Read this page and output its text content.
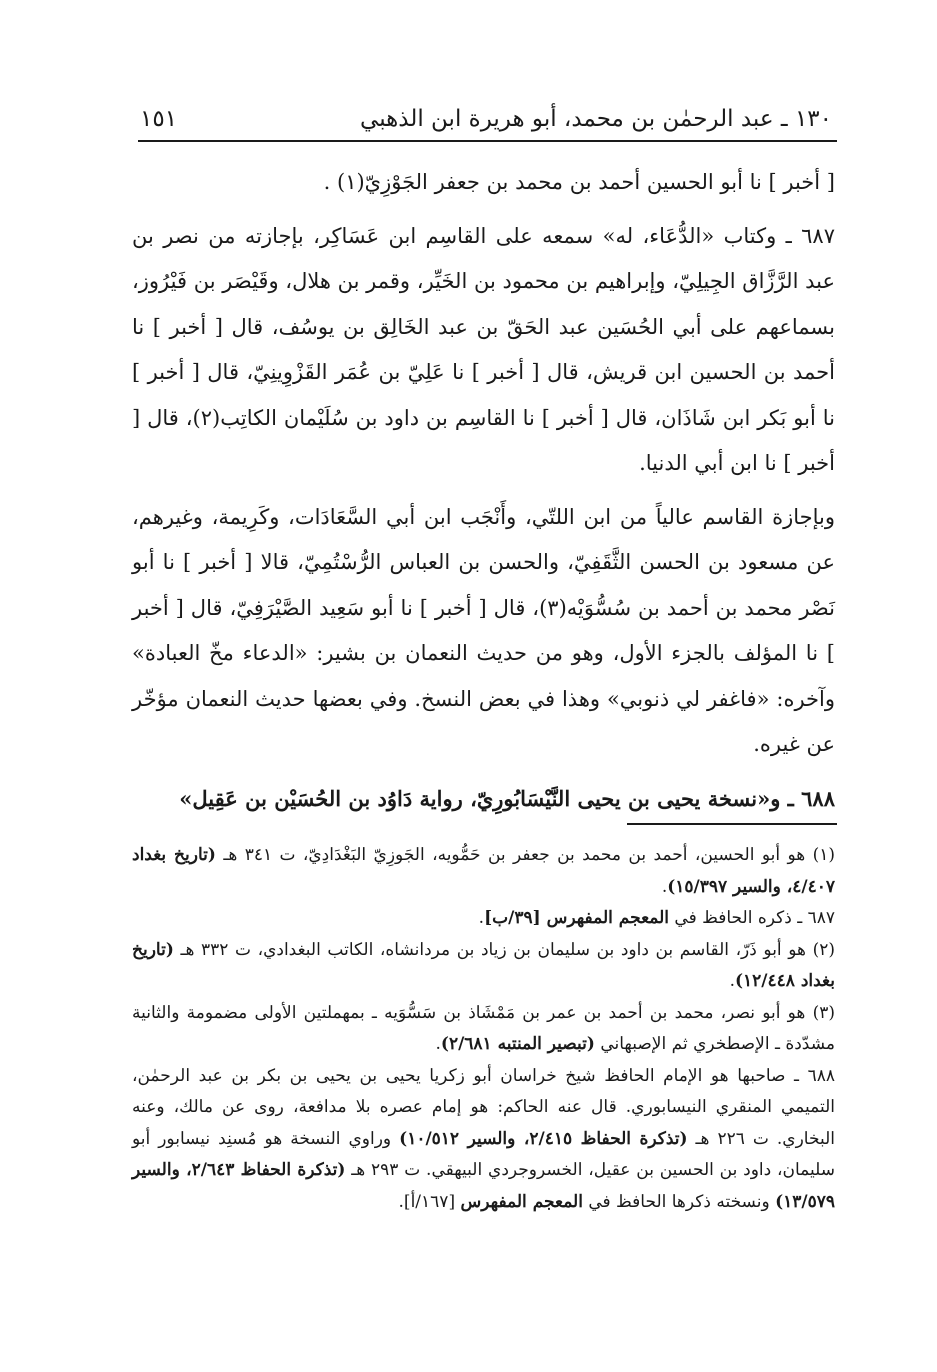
١٣٠ ـ عبد الرحمٰن بن محمد، أبو هريرة ابن الذهبي
١٥١

[ أخبر ] نا أبو الحسين أحمد بن محمد بن جعفر الجَوْزِيّ(١) .

٦٨٧ ـ وكتاب «الدُّعَاء، له» سمعه على القاسِم ابن عَسَاكِر، بإجازته من نصر بن عبد الرَّزَّاق الجِيلِيّ، وإبراهيم بن محمود بن الخَيِّر، وقمر بن هلال، وقَيْصَر بن فَيْرُوز، بسماعهم على أبي الحُسَين عبد الحَقّ بن عبد الخَالِق بن يوسُف، قال [ أخبر ] نا أحمد بن الحسين ابن قريش، قال [ أخبر ] نا عَلِيّ بن عُمَر القَزْوِينِيّ، قال [ أخبر ] نا أبو بَكر ابن شَاذَان، قال [ أخبر ] نا القاسِم بن داود بن سُلَيْمان الكاتِب(٢)، قال [ أخبر ] نا ابن أبي الدنيا.

وبإجازة القاسم عالياً من ابن اللتّي، وأَنْجَب ابن أبي السَّعَادَات، وكَرِيمة، وغيرهم، عن مسعود بن الحسن الثَّقَفِيّ، والحسن بن العباس الرُّسْتُمِيّ، قالا [ أخبر ] نا أبو نَصْر محمد بن أحمد بن سُسُّوَيْه(٣)، قال [ أخبر ] نا أبو سَعِيد الصَّيْرَفِيّ، قال [ أخبر ] نا المؤلف بالجزء الأول، وهو من حديث النعمان بن بشير: «الدعاء مخّ العبادة» وآخره: «فاغفر لي ذنوبي» وهذا في بعض النسخ. وفي بعضها حديث النعمان مؤخّر عن غيره.

٦٨٨ ـ و«نسخة يحيى بن يحيى النَّيْسَابُورِيّ، رواية دَاوُد بن الحُسَيْن بن عَقِيل»

(١) هو أبو الحسين، أحمد بن محمد بن جعفر بن حَمُّويه، الجَوزِيّ البَغْدَادِيّ، ت ٣٤١ هـ (تاريخ بغداد ٤/٤٠٧، والسير ١٥/٣٩٧).

٦٨٧ ـ ذكره الحافظ في المعجم المفهرس [٣٩/ب].

(٢) هو أبو ذَرّ، القاسم بن داود بن سليمان بن زياد بن مردانشاه، الكاتب البغدادي، ت ٣٣٢ هـ (تاريخ بغداد ١٢/٤٤٨).

(٣) هو أبو نصر، محمد بن أحمد بن عمر بن مَمْشَاذ بن سَسُّوَيه ـ بمهملتين الأولى مضمومة والثانية مشدّدة ـ الإصطخري ثم الإصبهاني (تبصير المنتبه ٢/٦٨١).

٦٨٨ ـ صاحبها هو الإمام الحافظ شيخ خراسان أبو زكريا يحيى بن يحيى بن بكر بن عبد الرحمٰن، التميمي المنقري النيسابوري. قال عنه الحاكم: هو إمام عصره بلا مدافعة، روى عن مالك، وعنه البخاري. ت ٢٢٦ هـ (تذكرة الحفاظ ٢/٤١٥، والسير ١٠/٥١٢) وراوي النسخة هو مُسنِد نيسابور أبو سليمان، داود بن الحسين بن عقيل، الخسروجردي البيهقي. ت ٢٩٣ هـ (تذكرة الحفاظ ٢/٦٤٣، والسير ١٣/٥٧٩) ونسخته ذكرها الحافظ في المعجم المفهرس [١٦٧/أ].
